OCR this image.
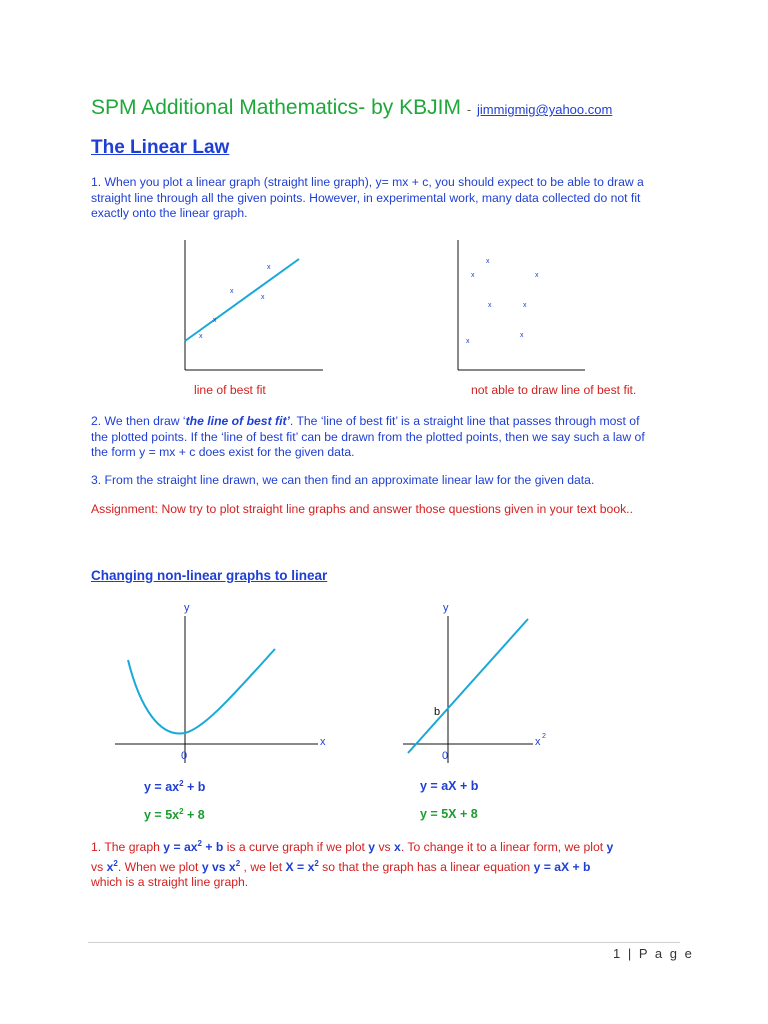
SPM Additional Mathematics- by KBJIM - jimmigmig@yahoo.com
The Linear Law
1. When you plot a linear graph (straight line graph), y= mx + c, you should expect to be able to draw a
straight line through all the given points. However, in experimental work, many data collected do not fit
exactly onto the linear graph.
x
x
x
x
x
x
x	x
x	x
x
x
line of best fit	not able to draw line of best fit.
2. We then draw ‘the line of best fit’. The ‘line of best fit’ is a straight line that passes through most of
the plotted points. If the ‘line of best fit’ can be drawn from the plotted points, then we say such a law of
the form y = mx + c does exist for the given data.
3. From the straight line drawn, we can then find an approximate linear law for the given data.
Assignment: Now try to plot straight line graphs and answer those questions given in your text book..
Changing non-linear graphs to linear
y
x
0
y
x 2
b
0
$y = ax^2 + b$
$y = 5x^2 + 8$
y = aX + b
y = 5X + 8
1. The graph $y = ax^2 + b$ is a curve graph if we plot y vs x. To change it to a linear form, we plot y
vs $x^2$. When we plot y vs $x^2$ , we let $X = x^2$ so that the graph has a linear equation y = aX + b
which is a straight line graph.
1 | P a g e
